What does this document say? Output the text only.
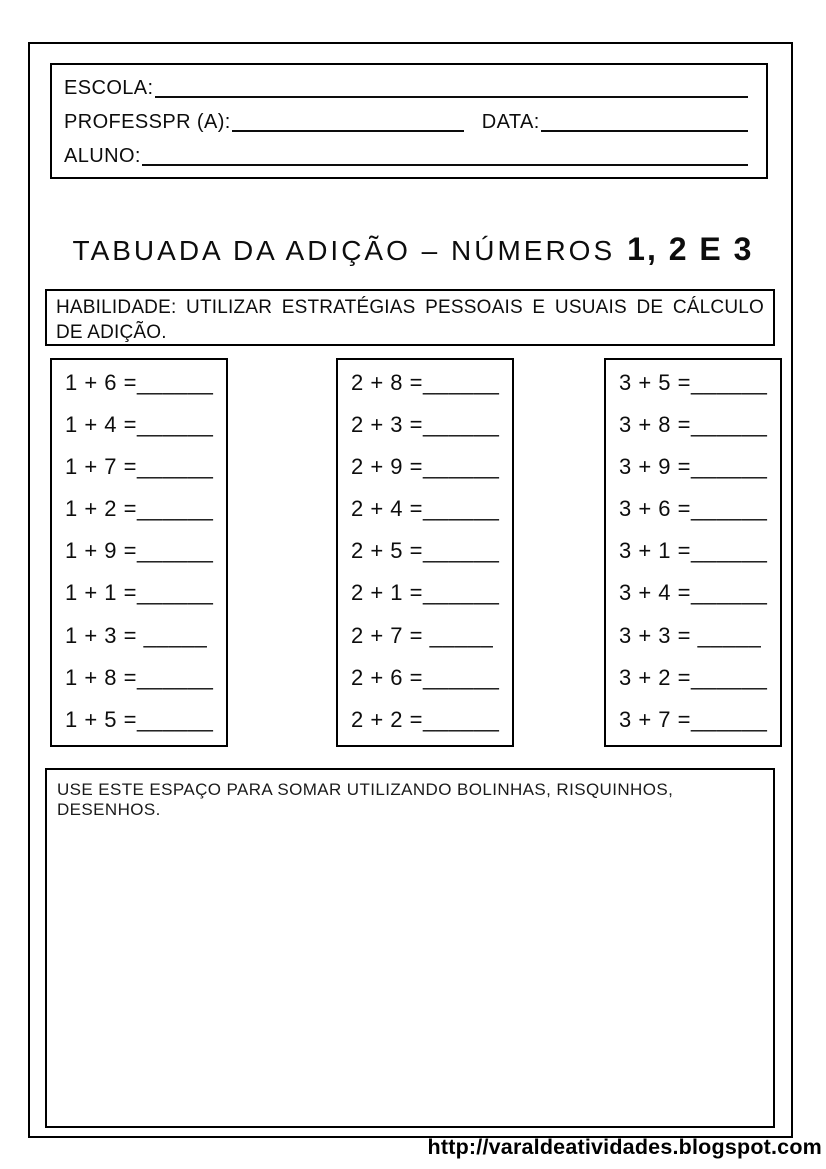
ESCOLA:
PROFESSPR (A):	DATA:
ALUNO:
TABUADA DA ADIÇÃO – NÚMEROS 1, 2 E 3
HABILIDADE: UTILIZAR ESTRATÉGIAS PESSOAIS E USUAIS DE CÁLCULO
DE ADIÇÃO.
1 + 6 =______
1 + 4 =______
1 + 7 =______
1 + 2 =______
1 + 9 =______
1 + 1 =______
1 + 3 = _____
1 + 8 =______
1 + 5 =______
2 + 8 =______
2 + 3 =______
2 + 9 =______
2 + 4 =______
2 + 5 =______
2 + 1 =______
2 + 7 = _____
2 + 6 =______
2 + 2 =______
3 + 5 =______
3 + 8 =______
3 + 9 =______
3 + 6 =______
3 + 1 =______
3 + 4 =______
3 + 3 = _____
3 + 2 =______
3 + 7 =______
USE ESTE ESPAÇO PARA SOMAR UTILIZANDO BOLINHAS, RISQUINHOS, DESENHOS.
http://varaldeatividades.blogspot.com
